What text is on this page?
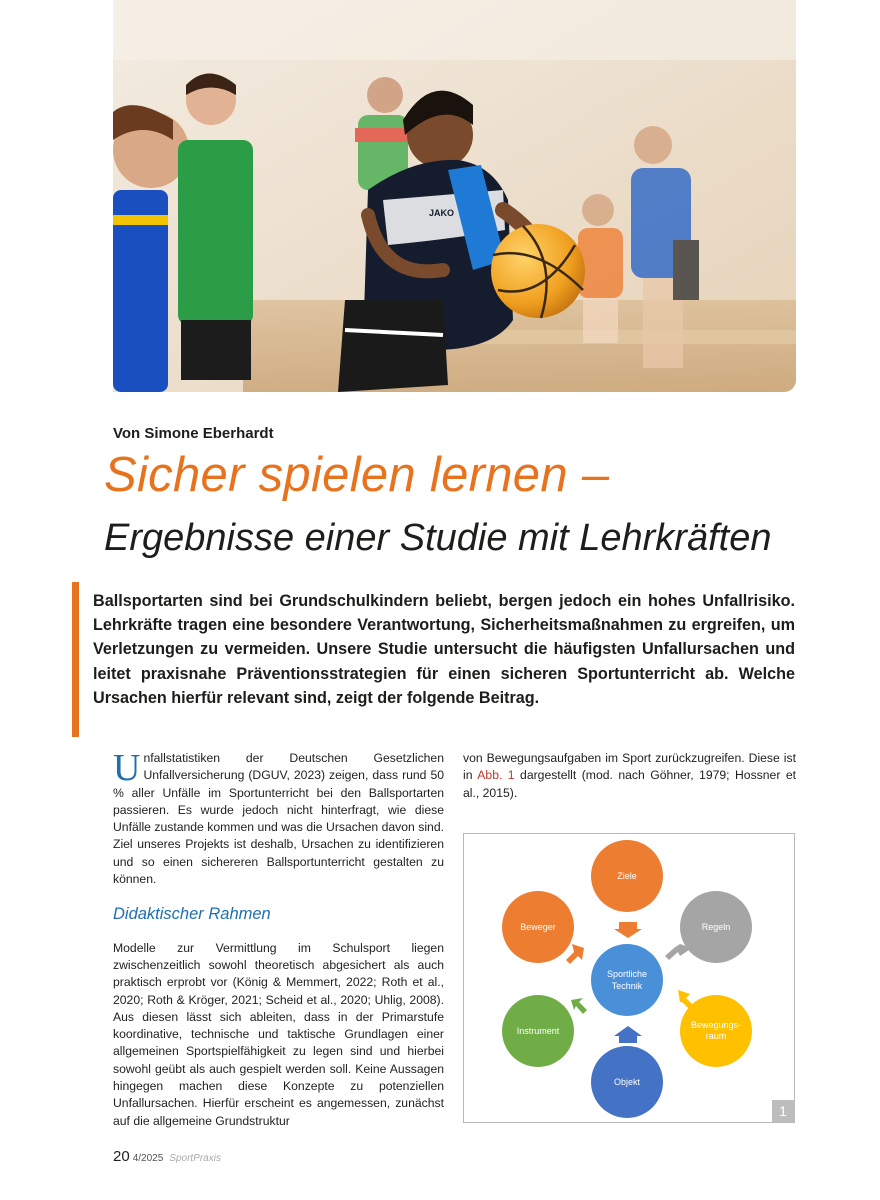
JAKO
Von Simone Eberhardt
Sicher spielen lernen –
Ergebnisse einer Studie mit Lehrkräften
Ballsportarten sind bei Grundschulkindern beliebt, bergen jedoch ein hohes Unfallrisiko. Lehrkräfte tragen eine besondere Verantwortung, Sicherheitsmaßnahmen zu ergreifen, um Verletzungen zu vermeiden. Unsere Studie untersucht die häufigsten Unfallursachen und leitet praxisnahe Präventionsstrategien für einen sicheren Sportunterricht ab. Welche Ursachen hierfür relevant sind, zeigt der folgende Beitrag.

Unfallstatistiken der Deutschen Gesetzlichen Unfallversicherung (DGUV, 2023) zeigen, dass rund 50 % aller Unfälle im Sportunterricht bei den Ballsportarten passieren. Es wurde jedoch nicht hinterfragt, wie diese Unfälle zustande kommen und was die Ursachen davon sind. Ziel unseres Projekts ist deshalb, Ursachen zu identifizieren und so einen sichereren Ballsportunterricht gestalten zu können.

Didaktischer Rahmen

Modelle zur Vermittlung im Schulsport liegen zwischenzeitlich sowohl theoretisch abgesichert als auch praktisch erprobt vor (König & Memmert, 2022; Roth et al., 2020; Roth & Kröger, 2021; Scheid et al., 2020; Uhlig, 2008). Aus diesen lässt sich ableiten, dass in der Primarstufe koordinative, technische und taktische Grundlagen einer allgemeinen Sportspielfähigkeit zu legen sind und hierbei sowohl geübt als auch gespielt werden soll. Keine Aussagen hingegen machen diese Konzepte zu potenziellen Unfallursachen. Hierfür erscheint es angemessen, zunächst auf die allgemeine Grundstruktur

von Bewegungsaufgaben im Sport zurückzugreifen. Diese ist in Abb. 1 dargestellt (mod. nach Göhner, 1979; Hossner et al., 2015).

Ziele
Regeln
Bewegungs-
raum
Objekt
Instrument
Beweger
Sportliche
Technik
1
20 4/2025 SportPraxis
